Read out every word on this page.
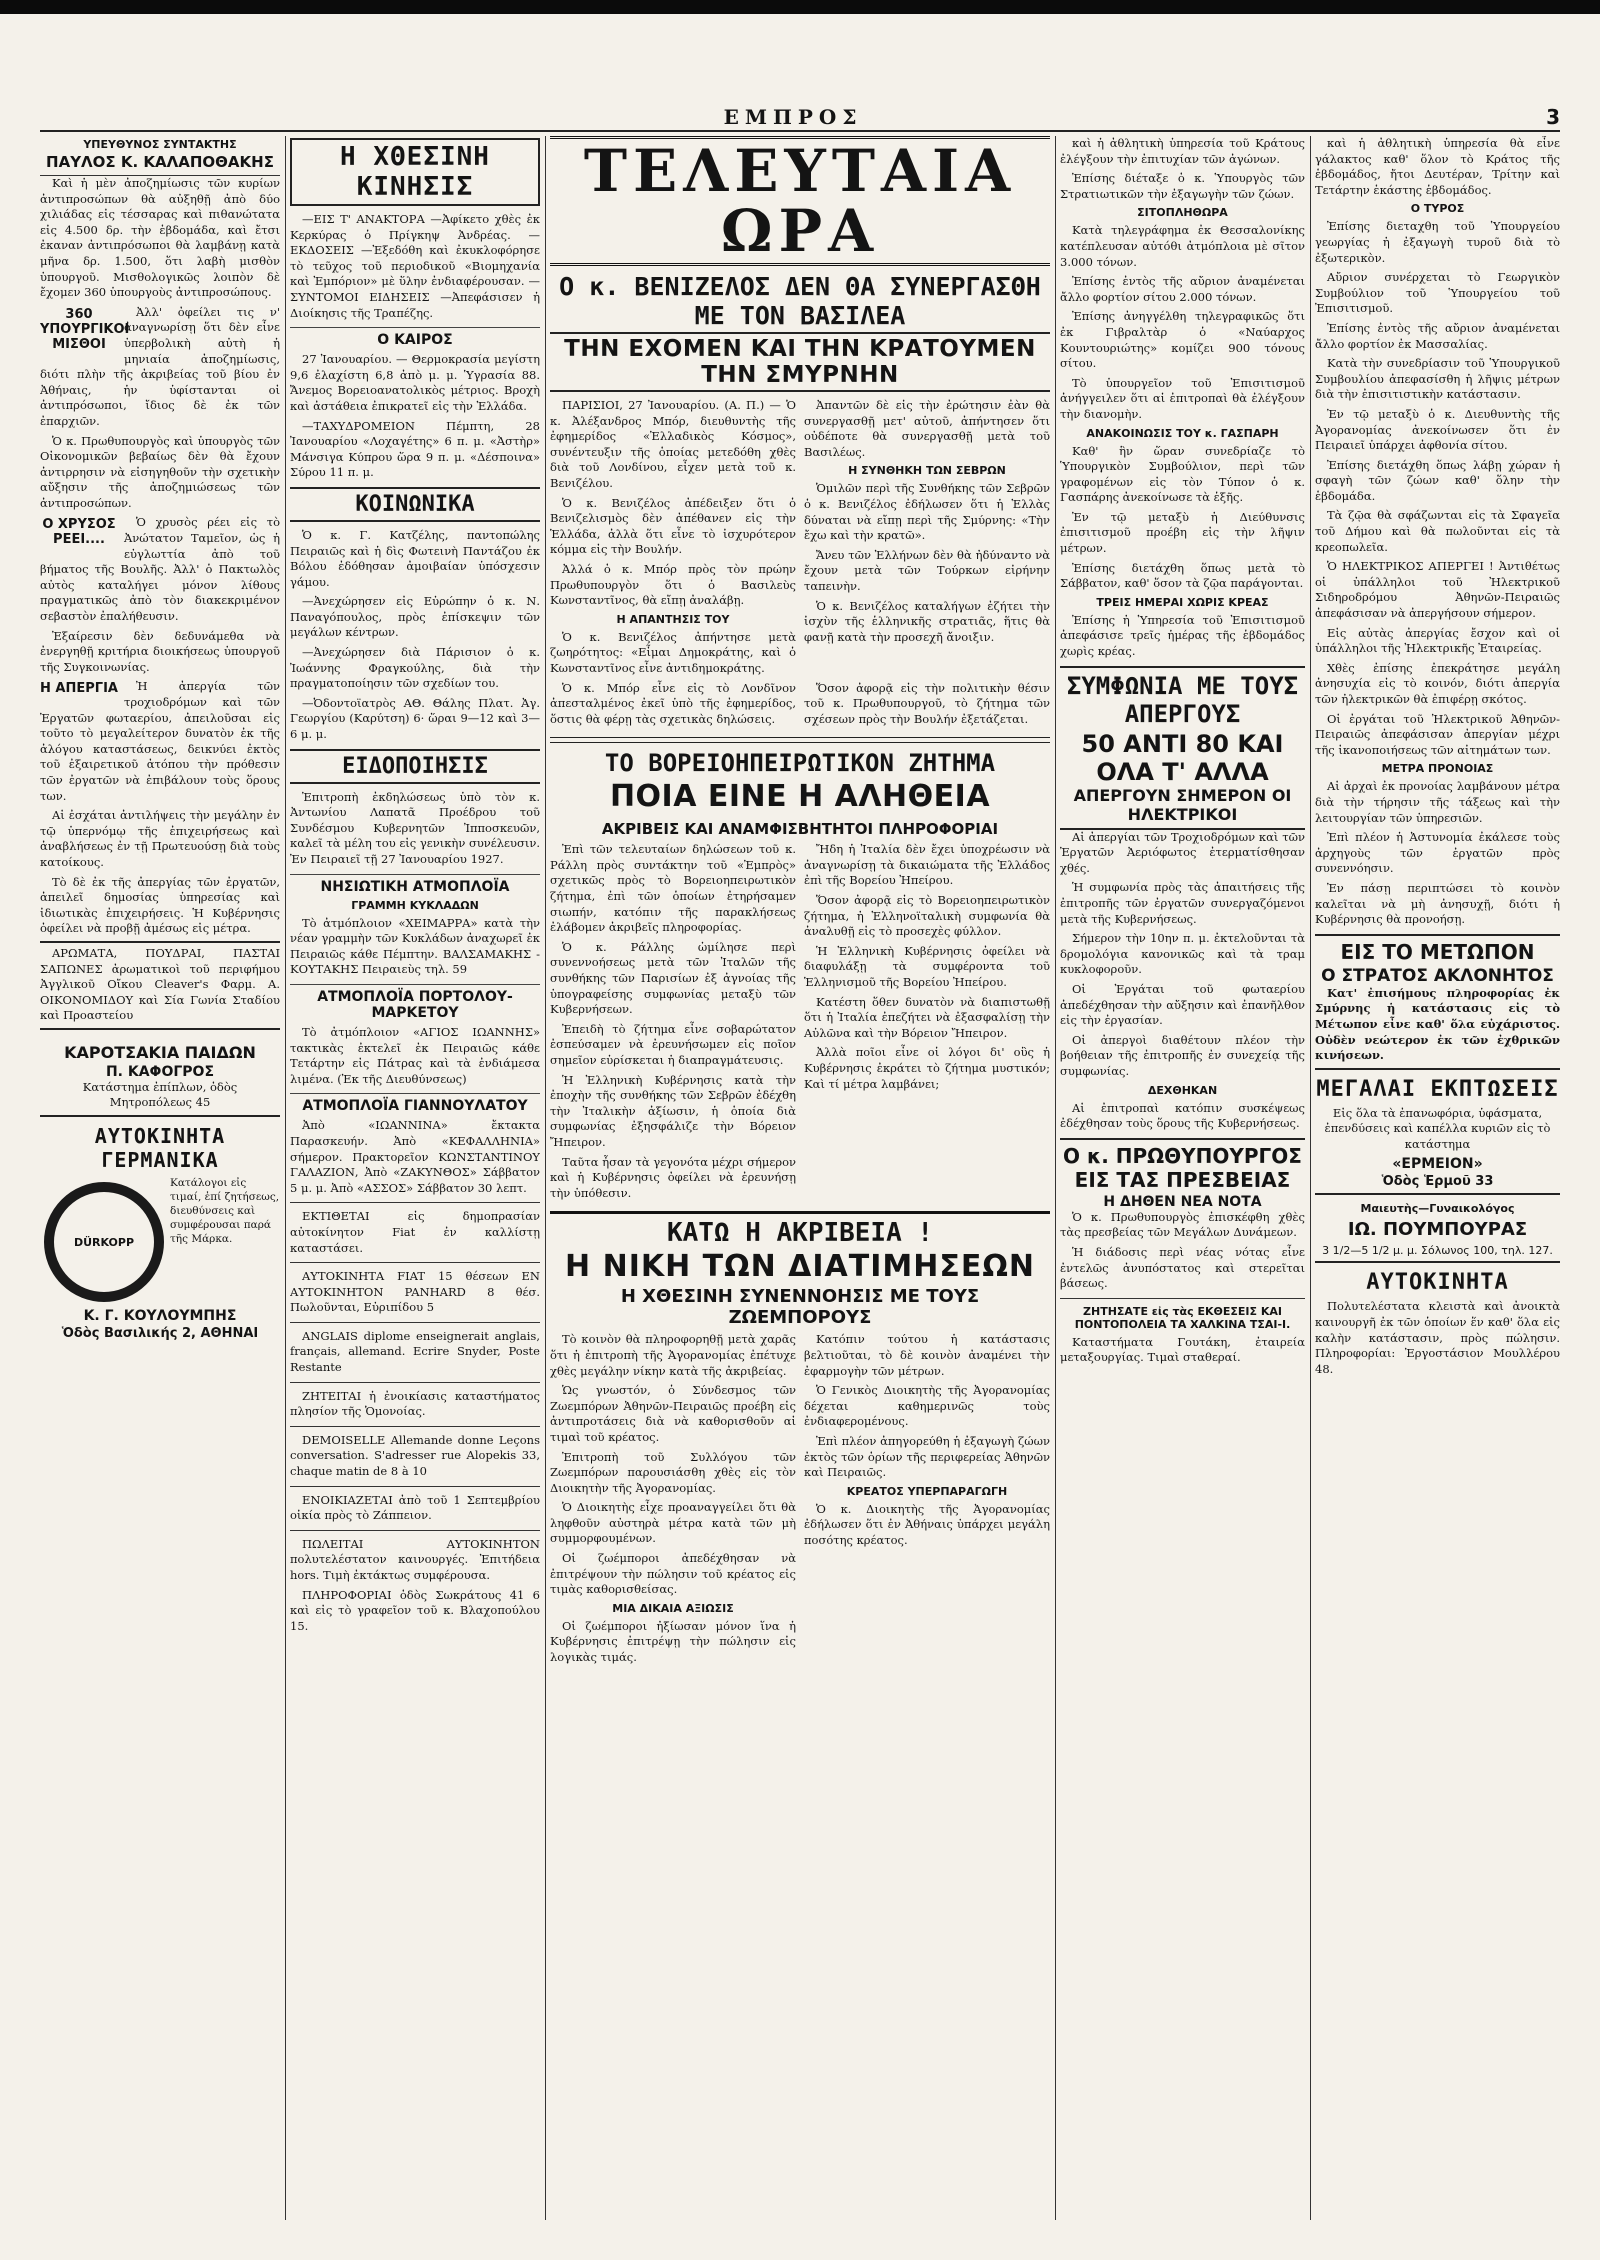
ΕΜΠΡΟΣ	3
ΥΠΕΥΘΥΝΟΣ ΣΥΝΤΑΚΤΗΣ
ΠΑΥΛΟΣ Κ. ΚΑΛΑΠΟΘΑΚΗΣ

Καὶ ἡ μὲν ἀποζημίωσις τῶν κυρίων ἀντιπροσώπων θὰ αὐξηθῇ ἀπὸ δύο χιλιάδας εἰς τέσσαρας καὶ πιθανώτατα εἰς 4.500 δρ. τὴν ἑβδομάδα, καὶ ἔτσι ἐκαναν ἀντιπρόσωποι θὰ λαμβάνῃ κατὰ μῆνα δρ. 1.500, ὅτι λαβὴ μισθὸν ὑπουργοῦ. Μισθολογικῶς λοιπὸν δὲ ἔχομεν 360 ὑπουργοὺς ἀντιπροσώπους.

360 ΥΠΟΥΡΓΙΚΟΙ ΜΙΣΘΟΙ

Ἀλλ' ὀφείλει τις ν' ἀναγνωρίσῃ ὅτι δὲν εἶνε ὑπερβολικὴ αὐτὴ ἡ μηνιαία ἀποζημίωσις, διότι πλὴν τῆς ἀκριβείας τοῦ βίου ἐν Ἀθήναις, ἡν ὑφίστανται οἱ ἀντιπρόσωποι, ἴδιος δὲ ἐκ τῶν ἐπαρχιῶν.

Ὁ κ. Πρωθυπουργὸς καὶ ὑπουργὸς τῶν Οἰκονομικῶν βεβαίως δὲν θὰ ἔχουν ἀντιρρησιν νὰ εἰσηγηθοῦν τὴν σχετικὴν αὔξησιν τῆς ἀποζημιώσεως τῶν ἀντιπροσώπων.

Ο ΧΡΥΣΟΣ ΡΕΕΙ....

Ὁ χρυσὸς ρέει εἰς τὸ Ἀνώτατον Ταμεῖον, ὡς ἡ εὐγλωττία ἀπὸ τοῦ βήματος τῆς Βουλῆς. Ἀλλ' ὁ Πακτωλὸς αὐτὸς καταλήγει μόνον λίθους πραγματικῶς ἀπὸ τὸν διακεκριμένον σεβαστὸν ἐπαλήθευσιν.

Ἐξαίρεσιν δὲν δεδυνάμεθα νὰ ἐνεργηθῇ κριτήρια διοικήσεως ὑπουργοῦ τῆς Συγκοινωνίας.

Η ΑΠΕΡΓΙΑ	Ἠ ἀπεργία τῶν τροχιοδρόμων καὶ τῶν Ἐργατῶν φωταερίου, ἀπειλοῦσαι εἰς τοῦτο τὸ μεγαλείτερον δυνατὸν ἐκ τῆς ἀλόγου καταστάσεως, δεικνύει ἐκτὸς τοῦ ἐξαιρετικοῦ ἀτόπου τὴν πρόθεσιν τῶν ἐργατῶν νὰ ἐπιβάλουν τοὺς ὅρους των.

Αἱ ἐσχάται ἀντιλήψεις τὴν μεγάλην ἐν τῷ ὑπερνόμῳ τῆς ἐπιχειρήσεως καὶ ἀναβλήσεως ἐν τῇ Πρωτευούσῃ διὰ τοὺς κατοίκους.

Τὸ δὲ ἐκ τῆς ἀπεργίας τῶν ἐργατῶν, ἀπειλεῖ δημοσίας ὑπηρεσίας καὶ ἰδιωτικὰς ἐπιχειρήσεις. Ἡ Κυβέρνησις ὀφείλει νὰ προβῇ ἀμέσως εἰς μέτρα.

ΑΡΩΜΑΤΑ, ΠΟΥΔΡΑΙ, ΠΑΣΤΑΙ ΣΑΠΩΝΕΣ ἀρωματικοὶ τοῦ περιφήμου Ἀγγλικοῦ Οἴκου Cleaver's Φαρμ. Α. ΟΙΚΟΝΟΜΙΔΟΥ καὶ Σία Γωνία Σταδίου καὶ Προαστείου

ΚΑΡΟΤΣΑΚΙΑ ΠΑΙΔΩΝ
Π. ΚΑΦΟΓΡΟΣ

Κατάστημα ἐπίπλων, ὁδὸς Μητροπόλεως 45

ΑΥΤΟΚΙΝΗΤΑ ΓΕΡΜΑΝΙΚΑ
DÜRKOPP
Κατάλογοι εἰς τιμαί, ἐπί ζητήσεως, διευθύνσεις καὶ συμφέρουσαι παρά τῆς Μάρκα.
Κ. Γ. ΚΟΥΛΟΥΜΠΗΣ
Ὁδὸς Βασιλικής 2, ΑΘΗΝΑΙ
Η ΧΘΕΣΙΝΗ ΚΙΝΗΣΙΣ

—ΕΙΣ Τ' ΑΝΑΚΤΟΡΑ —Ἀφίκετο χθὲς ἐκ Κερκύρας ὁ Πρίγκηψ Ἀνδρέας. —ΕΚΔΟΣΕΙΣ —Ἐξεδόθη καὶ ἐκυκλοφόρησε τὸ τεῦχος τοῦ περιοδικοῦ «Βιομηχανία καὶ Ἐμπόριον» μὲ ὕλην ἐνδιαφέρουσαν. —ΣΥΝΤΟΜΟΙ ΕΙΔΗΣΕΙΣ —Ἀπεφάσισεν ἡ Διοίκησις τῆς Τραπέζης.

Ο ΚΑΙΡΟΣ

27 Ἰανουαρίου. — Θερμοκρασία μεγίστη 9,6 ἐλαχίστη 6,8 ἀπὸ μ. μ. Ὑγρασία 88. Ἄνεμος Βορειοανατολικὸς μέτριος. Βροχὴ καὶ ἀστάθεια ἐπικρατεῖ εἰς τὴν Ἑλλάδα.

—ΤΑΧΥΔΡΟΜΕΙΟΝ Πέμπτη, 28 Ἰανουαρίου «Λοχαγέτης» 6 π. μ. «Ἀστὴρ» Μάνσιγα Κύπρου ὥρα 9 π. μ. «Δέσποινα» Σύρου 11 π. μ.

ΚΟΙΝΩΝΙΚΑ

Ὁ κ. Γ. Κατζέλης, παντοπώλης Πειραιῶς καὶ ἡ δὶς Φωτεινὴ Παντάζου ἐκ Βόλου ἐδόθησαν ἀμοιβαίαν ὑπόσχεσιν γάμου.

—Ἀνεχώρησεν εἰς Εὐρώπην ὁ κ. Ν. Παναγόπουλος, πρὸς ἐπίσκεψιν τῶν μεγάλων κέντρων.

—Ἀνεχώρησεν διὰ Πάρισιον ὁ κ. Ἰωάννης Φραγκούλης, διὰ τὴν πραγματοποίησιν τῶν σχεδίων του.

—Ὀδοντοϊατρὸς ΑΘ. Θάλης Πλατ. Ἀγ. Γεωργίου (Καρύτση) 6· ὥραι 9—12 καὶ 3—6 μ. μ.

ΕΙΔΟΠΟΙΗΣΙΣ

Ἐπιτροπὴ ἐκδηλώσεως ὑπὸ τὸν κ. Ἀντωνίου Λαπατᾶ Προέδρου τοῦ Συνδέσμου Κυβερνητῶν Ἰπποσκευῶν, καλεῖ τὰ μέλη του εἰς γενικὴν συνέλευσιν. Ἐν Πειραιεῖ τῇ 27 Ἰανουαρίου 1927.

ΝΗΣΙΩΤΙΚΗ ΑΤΜΟΠΛΟΪΑ
ΓΡΑΜΜΗ ΚΥΚΛΑΔΩΝ

Τὸ ἀτμόπλοιον «ΧΕΙΜΑΡΡΑ» κατὰ τὴν νέαν γραμμὴν τῶν Κυκλάδων ἀναχωρεῖ ἐκ Πειραιῶς κάθε Πέμπτην. ΒΑΛΣΑΜΑΚΗΣ - ΚΟΥΤΑΚΗΣ Πειραιεὺς τηλ. 59

ΑΤΜΟΠΛΟΪΑ ΠΟΡΤΟΛΟΥ-ΜΑΡΚΕΤΟΥ

Τὸ ἀτμόπλοιον «ΑΓΙΟΣ ΙΩΑΝΝΗΣ» τακτικὰς ἐκτελεῖ ἐκ Πειραιῶς κάθε Τετάρτην εἰς Πάτρας καὶ τὰ ἐνδιάμεσα λιμένα. (Ἐκ τῆς Διευθύνσεως)

ΑΤΜΟΠΛΟΪΑ ΓΙΑΝΝΟΥΛΑΤΟΥ

Ἀπὸ «ΙΩΑΝΝΙΝΑ» ἔκτακτα Παρασκευήν. Ἀπὸ «ΚΕΦΑΛΛΗΝΙΑ» σήμερον. Πρακτορεῖον ΚΩΝΣΤΑΝΤΙΝΟΥ ΓΑΛΑΖΙΟΝ, Ἀπὸ «ΖΑΚΥΝΘΟΣ» Σάββατον 5 μ. μ. Ἀπὸ «ΑΣΣΟΣ» Σάββατον 30 λεπτ.

ΕΚΤΙΘΕΤΑΙ εἰς δημοπρασίαν αὐτοκίνητον Fiat ἐν καλλίστῃ καταστάσει.

ΑΥΤΟΚΙΝΗΤΑ FIAT 15 θέσεων ΕΝ ΑΥΤΟΚΙΝΗΤΟΝ PANHARD 8 θέσ. Πωλοῦνται, Εὐριπίδου 5

ANGLAIS diplome enseignerait anglais, français, allemand. Ecrire Snyder, Poste Restante

ΖΗΤΕΙΤΑΙ ἡ ἐνοικίασις καταστήματος πλησίον τῆς Ὁμονοίας.

DEMOISELLE Allemande donne Leçons conversation. S'adresser rue Alopekis 33, chaque matin de 8 à 10

ΕΝΟΙΚΙΑΖΕΤΑΙ ἀπὸ τοῦ 1 Σεπτεμβρίου οἰκία πρὸς τὸ Ζάππειον.

ΠΩΛΕΙΤΑΙ ΑΥΤΟΚΙΝΗΤΟΝ πολυτελέστατον καινουργές. Ἐπιτήδεια hors. Τιμὴ ἐκτάκτως συμφέρουσα.

ΠΛΗΡΟΦΟΡΙΑΙ ὁδὸς Σωκράτους 41 6 καὶ εἰς τὸ γραφεῖον τοῦ κ. Βλαχοπούλου 15.

ΤΕΛΕΥΤΑΙΑ ΩΡΑ
Ο κ. ΒΕΝΙΖΕΛΟΣ ΔΕΝ ΘΑ ΣΥΝΕΡΓΑΣΘΗ ΜΕ ΤΟΝ ΒΑΣΙΛΕΑ
ΤΗΝ ΕΧΟΜΕΝ ΚΑΙ ΤΗΝ ΚΡΑΤΟΥΜΕΝ ΤΗΝ ΣΜΥΡΝΗΝ

ΠΑΡΙΣΙΟΙ, 27 Ἰανουαρίου. (Α. Π.) — Ὁ κ. Ἀλέξανδρος Μπόρ, διευθυντὴς τῆς ἐφημερίδος «Ἐλλαδικὸς Κόσμος», συνέντευξιν τῆς ὁποίας μετεδόθη χθὲς διὰ τοῦ Λονδίνου, εἶχεν μετὰ τοῦ κ. Βενιζέλου.

Ὁ κ. Βενιζέλος ἀπέδειξεν ὅτι ὁ Βενιζελισμὸς δὲν ἀπέθανεν εἰς τὴν Ἑλλάδα, ἀλλὰ ὅτι εἶνε τὸ ἰσχυρότερον κόμμα εἰς τὴν Βουλήν.

Ἀλλά ὁ κ. Μπόρ πρὸς τὸν πρώην Πρωθυπουργὸν ὅτι ὁ Βασιλεὺς Κωνσταντῖνος, θὰ εἴπῃ ἀναλάβῃ.

Η ΑΠΑΝΤΗΣΙΣ ΤΟΥ

Ὁ κ. Βενιζέλος ἀπήντησε μετὰ ζωηρότητος: «Εἶμαι Δημοκράτης, καὶ ὁ Κωνσταντῖνος εἶνε ἀντιδημοκράτης.

Ἀπαντῶν δὲ εἰς τὴν ἐρώτησιν ἐὰν θὰ συνεργασθῇ μετ' αὐτοῦ, ἀπήντησεν ὅτι οὐδέποτε θὰ συνεργασθῇ μετὰ τοῦ Βασιλέως.

Η ΣΥΝΘΗΚΗ ΤΩΝ ΣΕΒΡΩΝ

Ὁμιλῶν περὶ τῆς Συνθήκης τῶν Σεβρῶν ὁ κ. Βενιζέλος ἐδήλωσεν ὅτι ἡ Ἑλλὰς δύναται νὰ εἴπῃ περὶ τῆς Σμύρνης: «Τὴν ἔχω καὶ τὴν κρατῶ».

Ἄνευ τῶν Ἑλλήνων δὲν θὰ ἠδύναντο νὰ ἔχουν μετὰ τῶν Τούρκων εἰρήνην ταπεινὴν.

Ὁ κ. Βενιζέλος καταλήγων ἐζήτει τὴν ἰσχὺν τῆς ἑλληνικῆς στρατιᾶς, ἥτις θὰ φανῇ κατὰ τὴν προσεχῆ ἄνοιξιν.

Ὁ κ. Μπόρ εἶνε εἰς τὸ Λονδῖνον ἀπεσταλμένος ἐκεῖ ὑπὸ τῆς ἐφημερίδος, ὅστις θὰ φέρῃ τὰς σχετικὰς δηλώσεις.

Ὅσον ἀφορᾷ εἰς τὴν πολιτικὴν θέσιν τοῦ κ. Πρωθυπουργοῦ, τὸ ζήτημα τῶν σχέσεων πρὸς τὴν Βουλήν ἐξετάζεται.

ΤΟ ΒΟΡΕΙΟΗΠΕΙΡΩΤΙΚΟΝ ΖΗΤΗΜΑ
ΠΟΙΑ ΕΙΝΕ Η ΑΛΗΘΕΙΑ
ΑΚΡΙΒΕΙΣ ΚΑΙ ΑΝΑΜΦΙΣΒΗΤΗΤΟΙ ΠΛΗΡΟΦΟΡΙΑΙ

Ἐπὶ τῶν τελευταίων δηλώσεων τοῦ κ. Ράλλη πρὸς συντάκτην τοῦ «Ἐμπρὸς» σχετικῶς πρὸς τὸ Βορειοηπειρωτικὸν ζήτημα, ἐπὶ τῶν ὁποίων ἐτηρήσαμεν σιωπήν, κατόπιν τῆς παρακλήσεως ἐλάβομεν ἀκριβεῖς πληροφορίας.

Ὁ κ. Ράλλης ὡμίλησε περὶ συνεννοήσεως μετὰ τῶν Ἰταλῶν τῆς συνθήκης τῶν Παρισίων ἐξ ἀγνοίας τῆς ὑπογραφείσης συμφωνίας μεταξὺ τῶν Κυβερνήσεων.

Ἐπειδὴ τὸ ζήτημα εἶνε σοβαρώτατον ἐσπεύσαμεν νὰ ἐρευνήσωμεν εἰς ποῖον σημεῖον εὑρίσκεται ἡ διαπραγμάτευσις.

Ἡ Ἑλληνικὴ Κυβέρνησις κατὰ τὴν ἐποχὴν τῆς συνθήκης τῶν Σεβρῶν ἐδέχθη τὴν Ἰταλικὴν ἀξίωσιν, ἡ ὁποία διὰ συμφωνίας ἐξησφάλιζε τὴν Βόρειον Ἤπειρον.

Ταῦτα ἦσαν τὰ γεγονότα μέχρι σήμερον καὶ ἡ Κυβέρνησις ὀφείλει νὰ ἐρευνήσῃ τὴν ὑπόθεσιν.

Ἤδη ἡ Ἰταλία δὲν ἔχει ὑποχρέωσιν νὰ ἀναγνωρίσῃ τὰ δικαιώματα τῆς Ἑλλάδος ἐπὶ τῆς Βορείου Ἠπείρου.

Ὅσον ἀφορᾷ εἰς τὸ Βορειοηπειρωτικὸν ζήτημα, ἡ Ἑλληνοϊταλικὴ συμφωνία θὰ ἀναλυθῇ εἰς τὸ προσεχὲς φύλλον.

Ἡ Ἑλληνικὴ Κυβέρνησις ὀφείλει νὰ διαφυλάξῃ τὰ συμφέροντα τοῦ Ἑλληνισμοῦ τῆς Βορείου Ἠπείρου.

Κατέστη ὅθεν δυνατὸν νὰ διαπιστωθῇ ὅτι ἡ Ἰταλία ἐπεζήτει νὰ ἐξασφαλίσῃ τὴν Αὐλῶνα καὶ τὴν Βόρειον Ἤπειρον.

Ἀλλὰ ποῖοι εἶνε οἱ λόγοι δι' οὓς ἡ Κυβέρνησις ἐκράτει τὸ ζήτημα μυστικόν; Καὶ τί μέτρα λαμβάνει;

ΚΑΤΩ Η ΑΚΡΙΒΕΙΑ !
Η ΝΙΚΗ ΤΩΝ ΔΙΑΤΙΜΗΣΕΩΝ
Η ΧΘΕΣΙΝΗ ΣΥΝΕΝΝΟΗΣΙΣ ΜΕ ΤΟΥΣ ΖΩΕΜΠΟΡΟΥΣ

Τὸ κοινὸν θὰ πληροφορηθῇ μετὰ χαρᾶς ὅτι ἡ ἐπιτροπὴ τῆς Ἀγορανομίας ἐπέτυχε χθὲς μεγάλην νίκην κατὰ τῆς ἀκριβείας.

Ὡς γνωστόν, ὁ Σύνδεσμος τῶν Ζωεμπόρων Ἀθηνῶν-Πειραιῶς προέβη εἰς ἀντιπροτάσεις διὰ νὰ καθορισθοῦν αἱ τιμαὶ τοῦ κρέατος.

Ἐπιτροπὴ τοῦ Συλλόγου τῶν Ζωεμπόρων παρουσιάσθη χθὲς εἰς τὸν Διοικητὴν τῆς Ἀγορανομίας.

Ὁ Διοικητὴς εἶχε προαναγγείλει ὅτι θὰ ληφθοῦν αὐστηρὰ μέτρα κατὰ τῶν μὴ συμμορφουμένων.

Οἱ ζωέμποροι ἀπεδέχθησαν νὰ ἐπιτρέψουν τὴν πώλησιν τοῦ κρέατος εἰς τιμὰς καθορισθείσας.

ΜΙΑ ΔΙΚΑΙΑ ΑΞΙΩΣΙΣ

Οἱ ζωέμποροι ἠξίωσαν μόνον ἵνα ἡ Κυβέρνησις ἐπιτρέψῃ τὴν πώλησιν εἰς λογικὰς τιμάς.

Κατόπιν τούτου ἡ κατάστασις βελτιοῦται, τὸ δὲ κοινὸν ἀναμένει τὴν ἐφαρμογὴν τῶν μέτρων.

Ὁ Γενικὸς Διοικητὴς τῆς Ἀγορανομίας δέχεται καθημερινῶς τοὺς ἐνδιαφερομένους.

Ἐπὶ πλέον ἀπηγορεύθη ἡ ἐξαγωγὴ ζώων ἐκτὸς τῶν ὁρίων τῆς περιφερείας Ἀθηνῶν καὶ Πειραιῶς.

ΚΡΕΑΤΟΣ ΥΠΕΡΠΑΡΑΓΩΓΗ

Ὁ κ. Διοικητὴς τῆς Ἀγορανομίας ἐδήλωσεν ὅτι ἐν Ἀθήναις ὑπάρχει μεγάλη ποσότης κρέατος.

καὶ ἡ ἀθλητικὴ ὑπηρεσία τοῦ Κράτους ἐλέγξουν τὴν ἐπιτυχίαν τῶν ἀγώνων.

Ἐπίσης διέταξε ὁ κ. Ὑπουργὸς τῶν Στρατιωτικῶν τὴν ἐξαγωγὴν τῶν ζώων.

ΣΙΤΟΠΛΗΘΩΡΑ

Κατὰ τηλεγράφημα ἐκ Θεσσαλονίκης κατέπλευσαν αὐτόθι ἀτμόπλοια μὲ σῖτον 3.000 τόνων.

Ἐπίσης ἐντὸς τῆς αὔριον ἀναμένεται ἄλλο φορτίον σίτου 2.000 τόνων.

Ἐπίσης ἀνηγγέλθη τηλεγραφικῶς ὅτι ἐκ Γιβραλτὰρ ὁ «Ναύαρχος Κουντουριώτης» κομίζει 900 τόνους σίτου.

Τὸ ὑπουργεῖον τοῦ Ἐπισιτισμοῦ ἀνήγγειλεν ὅτι αἱ ἐπιτροπαὶ θὰ ἐλέγξουν τὴν διανομὴν.

ΑΝΑΚΟΙΝΩΣΙΣ ΤΟΥ κ. ΓΑΣΠΑΡΗ

Καθ' ἣν ὥραν συνεδρίαζε τὸ Ὑπουργικὸν Συμβούλιον, περὶ τῶν γραφομένων εἰς τὸν Τύπον ὁ κ. Γασπάρης ἀνεκοίνωσε τὰ ἑξῆς.

Ἐν τῷ μεταξὺ ἡ Διεύθυνσις ἐπισιτισμοῦ προέβη εἰς τὴν λῆψιν μέτρων.

Ἐπίσης διετάχθη ὅπως μετὰ τὸ Σάββατον, καθ' ὅσον τὰ ζῷα παράγονται.

ΤΡΕΙΣ ΗΜΕΡΑΙ ΧΩΡΙΣ ΚΡΕΑΣ

Ἐπίσης ἡ Ὑπηρεσία τοῦ Ἐπισιτισμοῦ ἀπεφάσισε τρεῖς ἡμέρας τῆς ἑβδομάδος χωρὶς κρέας.

ΣΥΜΦΩΝΙΑ ΜΕ ΤΟΥΣ ΑΠΕΡΓΟΥΣ
50 ΑΝΤΙ 80 ΚΑΙ ΟΛΑ Τ' ΑΛΛΑ
ΑΠΕΡΓΟΥΝ ΣΗΜΕΡΟΝ ΟΙ ΗΛΕΚΤΡΙΚΟΙ

Αἱ ἀπεργίαι τῶν Τροχιοδρόμων καὶ τῶν Ἐργατῶν Ἀεριόφωτος ἐτερματίσθησαν χθές.

Ἡ συμφωνία πρὸς τὰς ἀπαιτήσεις τῆς ἐπιτροπῆς τῶν ἐργατῶν συνεργαζόμενοι μετὰ τῆς Κυβερνήσεως.

Σήμερον τὴν 10ην π. μ. ἐκτελοῦνται τὰ δρομολόγια κανονικῶς καὶ τὰ τραμ κυκλοφοροῦν.

Οἱ Ἐργάται τοῦ φωταερίου ἀπεδέχθησαν τὴν αὔξησιν καὶ ἐπανῆλθον εἰς τὴν ἐργασίαν.

Οἱ ἀπεργοὶ διαθέτουν πλέον τὴν βοήθειαν τῆς ἐπιτροπῆς ἐν συνεχείᾳ τῆς συμφωνίας.

ΔΕΧΘΗΚΑΝ

Αἱ ἐπιτροπαὶ κατόπιν συσκέψεως ἐδέχθησαν τοὺς ὅρους τῆς Κυβερνήσεως.

Ο κ. ΠΡΩΘΥΠΟΥΡΓΟΣ ΕΙΣ ΤΑΣ ΠΡΕΣΒΕΙΑΣ
Η ΔΗΘΕΝ ΝΕΑ ΝΟΤΑ

Ὁ κ. Πρωθυπουργὸς ἐπισκέφθη χθὲς τὰς πρεσβείας τῶν Μεγάλων Δυνάμεων.

Ἡ διάδοσις περὶ νέας νότας εἶνε ἐντελῶς ἀνυπόστατος καὶ στερεῖται βάσεως.

ΖΗΤΗΣΑΤΕ εἰς τὰς ΕΚΘΕΣΕΙΣ ΚΑΙ ΠΟΝΤΟΠΟΛΕΙΑ ΤΑ ΧΑΛΚΙΝΑ ΤΣΑΙ-Ι.

Καταστήματα Γουτάκη, ἐταιρεία μεταξουργίας. Τιμαὶ σταθεραί.

καὶ ἡ ἀθλητικὴ ὑπηρεσία θὰ εἶνε γάλακτος καθ' ὅλον τὸ Κράτος τῆς ἑβδομάδος, ἤτοι Δευτέραν, Τρίτην καὶ Τετάρτην ἑκάστης ἑβδομάδος.

Ο ΤΥΡΟΣ

Ἐπίσης διεταχθη τοῦ Ὑπουργείου γεωργίας ἡ ἐξαγωγὴ τυροῦ διὰ τὸ ἐξωτερικὸν.

Αὔριον συνέρχεται τὸ Γεωργικὸν Συμβούλιον τοῦ Ὑπουργείου τοῦ Ἐπισιτισμοῦ.

Ἐπίσης ἐντὸς τῆς αὔριον ἀναμένεται ἄλλο φορτίον ἐκ Μασσαλίας.

Κατὰ τὴν συνεδρίασιν τοῦ Ὑπουργικοῦ Συμβουλίου ἀπεφασίσθη ἡ λῆψις μέτρων διὰ τὴν ἐπισιτιστικὴν κατάστασιν.

Ἐν τῷ μεταξὺ ὁ κ. Διευθυντὴς τῆς Ἀγορανομίας ἀνεκοίνωσεν ὅτι ἐν Πειραιεῖ ὑπάρχει ἀφθονία σίτου.

Ἐπίσης διετάχθη ὅπως λάβῃ χώραν ἡ σφαγὴ τῶν ζώων καθ' ὅλην τὴν ἑβδομάδα.

Τὰ ζῷα θὰ σφάζωνται εἰς τὰ Σφαγεῖα τοῦ Δήμου καὶ θὰ πωλοῦνται εἰς τὰ κρεοπωλεῖα.

Ὁ ΗΛΕΚΤΡΙΚΟΣ ΑΠΕΡΓΕΙ ! Ἀντιθέτως οἱ ὑπάλληλοι τοῦ Ἠλεκτρικοῦ Σιδηροδρόμου Ἀθηνῶν-Πειραιῶς ἀπεφάσισαν νὰ ἀπεργήσουν σήμερον.

Εἰς αὐτὰς ἀπεργίας ἔσχον καὶ οἱ ὑπάλληλοι τῆς Ἠλεκτρικῆς Ἐταιρείας.

Χθὲς ἐπίσης ἐπεκράτησε μεγάλη ἀνησυχία εἰς τὸ κοινόν, διότι ἀπεργία τῶν ἠλεκτρικῶν θὰ ἐπιφέρῃ σκότος.

Οἱ ἐργάται τοῦ Ἠλεκτρικοῦ Ἀθηνῶν-Πειραιῶς ἀπεφάσισαν ἀπεργίαν μέχρι τῆς ἱκανοποιήσεως τῶν αἰτημάτων των.

ΜΕΤΡΑ ΠΡΟΝΟΙΑΣ

Αἱ ἀρχαὶ ἐκ προνοίας λαμβάνουν μέτρα διὰ τὴν τήρησιν τῆς τάξεως καὶ τὴν λειτουργίαν τῶν ὑπηρεσιῶν.

Ἐπὶ πλέον ἡ Ἀστυνομία ἐκάλεσε τοὺς ἀρχηγοὺς τῶν ἐργατῶν πρὸς συνεννόησιν.

Ἐν πάσῃ περιπτώσει τὸ κοινὸν καλεῖται νὰ μὴ ἀνησυχῇ, διότι ἡ Κυβέρνησις θὰ προνοήσῃ.

ΕΙΣ ΤΟ ΜΕΤΩΠΟΝ
Ο ΣΤΡΑΤΟΣ ΑΚΛΟΝΗΤΟΣ

Κατ' ἐπισήμους πληροφορίας ἐκ Σμύρνης ἡ κατάστασις εἰς τὸ Μέτωπον εἶνε καθ' ὅλα εὐχάριστος. Οὐδὲν νεώτερον ἐκ τῶν ἐχθρικῶν κινήσεων.

ΜΕΓΑΛΑΙ ΕΚΠΤΩΣΕΙΣ

Εἰς ὅλα τὰ ἐπανωφόρια, ὑφάσματα, ἐπενδύσεις καὶ καπέλλα κυριῶν εἰς τὸ κατάστημα

«ΕΡΜΕΙΟΝ»
Ὁδὸς Ἑρμοῦ 33
Μαιευτὴς—Γυναικολόγος
ΙΩ. ΠΟΥΜΠΟΥΡΑΣ
3 1/2—5 1/2 μ. μ. Σόλωνος 100, τηλ. 127.
ΑΥΤΟΚΙΝΗΤΑ

Πολυτελέστατα κλειστὰ καὶ ἀνοικτὰ καινουργῆ ἐκ τῶν ὁποίων ἕν καθ' ὅλα εἰς καλὴν κατάστασιν, πρὸς πώλησιν. Πληροφορίαι: Ἐργοστάσιον Μουλλέρου 48.
